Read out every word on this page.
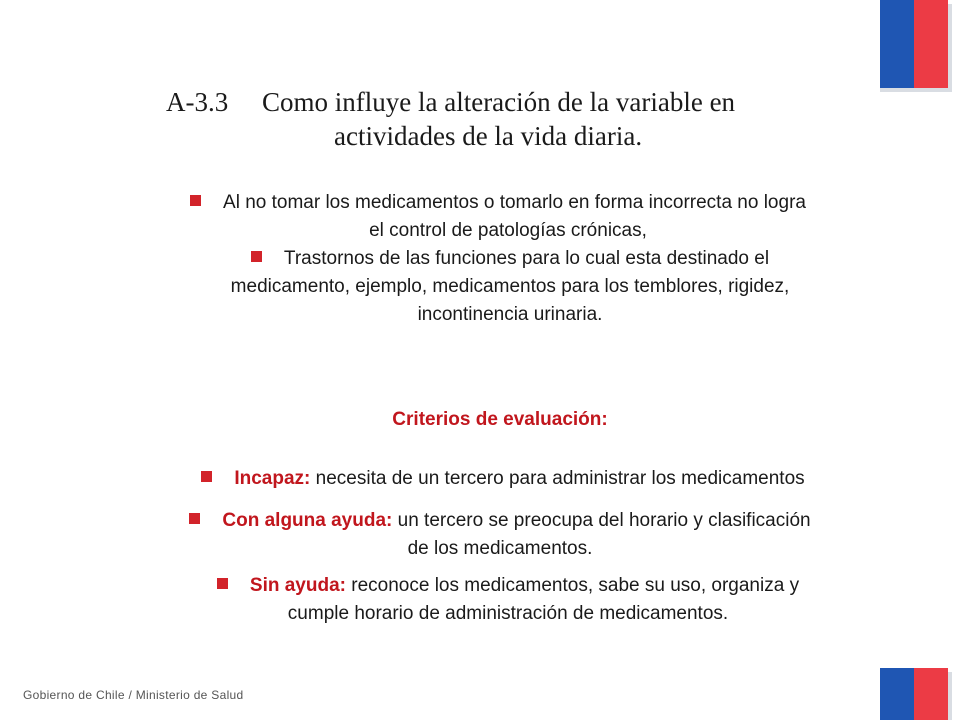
A-3.3 Como influye la alteración de la variable en
actividades de la vida diaria.
Al no tomar los medicamentos o tomarlo en forma incorrecta no logra
el control de patologías crónicas,
Trastornos de las funciones para lo cual esta destinado el
medicamento, ejemplo, medicamentos para los temblores, rigidez,
incontinencia urinaria.
Criterios de evaluación:
Incapaz: necesita de un tercero para administrar los medicamentos
Con alguna ayuda: un tercero se preocupa del horario y clasificación
de los medicamentos.
Sin ayuda: reconoce los medicamentos, sabe su uso, organiza y
cumple horario de administración de medicamentos.
Gobierno de Chile / Ministerio de Salud
